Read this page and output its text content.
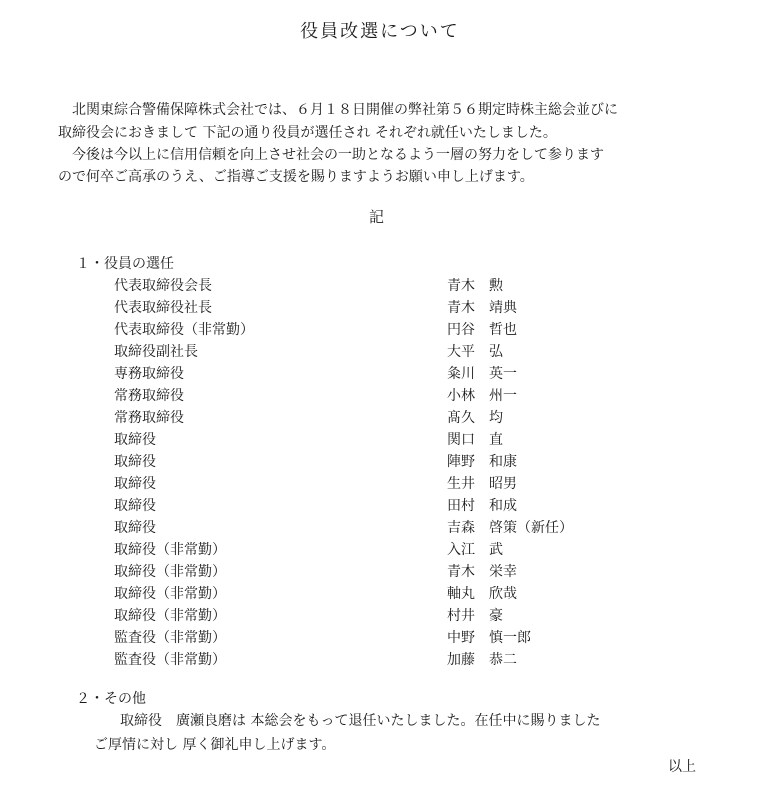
役員改選について
　北関東綜合警備保障株式会社では、６月１８日開催の弊社第５６期定時株主総会並びに
取締役会におきまして 下記の通り役員が選任され それぞれ就任いたしました。
　今後は今以上に信用信頼を向上させ社会の一助となるよう一層の努力をして参ります
ので何卒ご高承のうえ、ご指導ご支援を賜りますようお願い申し上げます。
記
１・役員の選任
代表取締役会長	青木　勲
代表取締役社長	青木　靖典
代表取締役（非常勤）	円谷　哲也
取締役副社長	大平　弘
専務取締役	粂川　英一
常務取締役	小林　州一
常務取締役	髙久　均
取締役	関口　直
取締役	陣野　和康
取締役	生井　昭男
取締役	田村　和成
取締役	吉森　啓策（新任）
取締役（非常勤）	入江　武
取締役（非常勤）	青木　栄幸
取締役（非常勤）	軸丸　欣哉
取締役（非常勤）	村井　豪
監査役（非常勤）	中野　慎一郎
監査役（非常勤）	加藤　恭二
２・その他
取締役　廣瀬良磨は 本総会をもって退任いたしました。在任中に賜りました
ご厚情に対し 厚く御礼申し上げます。
以上
